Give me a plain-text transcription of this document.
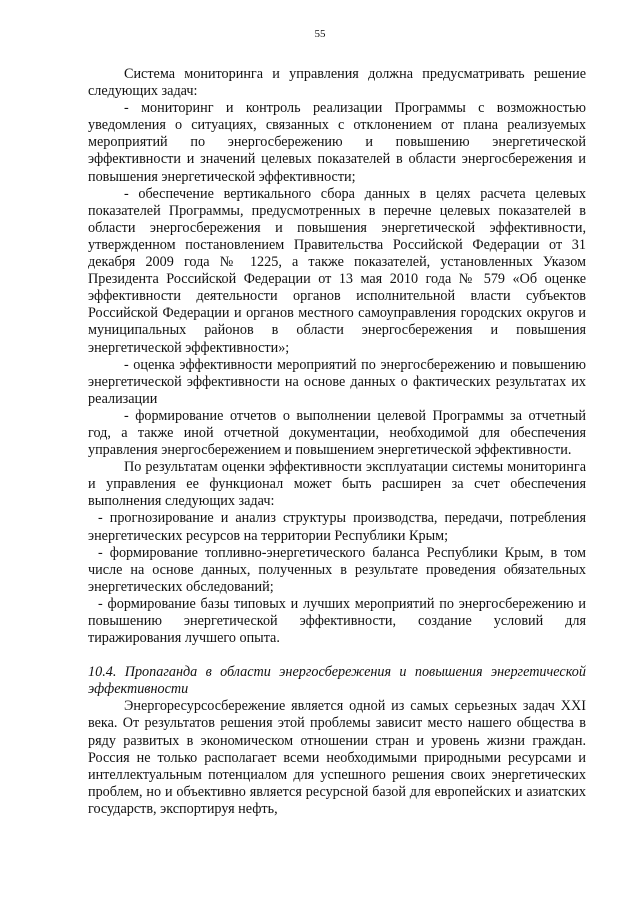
55

Система мониторинга и управления должна предусматривать решение следующих задач:

- мониторинг и контроль реализации Программы с возможностью уведомления о ситуациях, связанных с отклонением от плана реализуемых мероприятий по энергосбережению и повышению энергетической эффективности и значений целевых показателей в области энергосбережения и повышения энергетической эффективности;

- обеспечение вертикального сбора данных в целях расчета целевых показателей Программы, предусмотренных в перечне целевых показателей в области энергосбережения и повышения энергетической эффективности, утвержденном постановлением Правительства Российской Федерации от 31 декабря 2009 года № 1225, а также показателей, установленных Указом Президента Российской Федерации от 13 мая 2010 года № 579 «Об оценке эффективности деятельности органов исполнительной власти субъектов Российской Федерации и органов местного самоуправления городских округов и муниципальных районов в области энергосбережения и повышения энергетической эффективности»;

- оценка эффективности мероприятий по энергосбережению и повышению энергетической эффективности на основе данных о фактических результатах их реализации

- формирование отчетов о выполнении целевой Программы за отчетный год, а также иной отчетной документации, необходимой для обеспечения управления энергосбережением и повышением энергетической эффективности.

По результатам оценки эффективности эксплуатации системы мониторинга и управления ее функционал может быть расширен за счет обеспечения выполнения следующих задач:

- прогнозирование и анализ структуры производства, передачи, потребления энергетических ресурсов на территории Республики Крым;

- формирование топливно-энергетического баланса Республики Крым, в том числе на основе данных, полученных в результате проведения обязательных энергетических обследований;

- формирование базы типовых и лучших мероприятий по энергосбережению и повышению энергетической эффективности, создание условий для тиражирования лучшего опыта.

10.4. Пропаганда в области энергосбережения и повышения энергетической эффективности

Энергоресурсосбережение является одной из самых серьезных задач XXI века. От результатов решения этой проблемы зависит место нашего общества в ряду развитых в экономическом отношении стран и уровень жизни граждан. Россия не только располагает всеми необходимыми природными ресурсами и интеллектуальным потенциалом для успешного решения своих энергетических проблем, но и объективно является ресурсной базой для европейских и азиатских государств, экспортируя нефть,
